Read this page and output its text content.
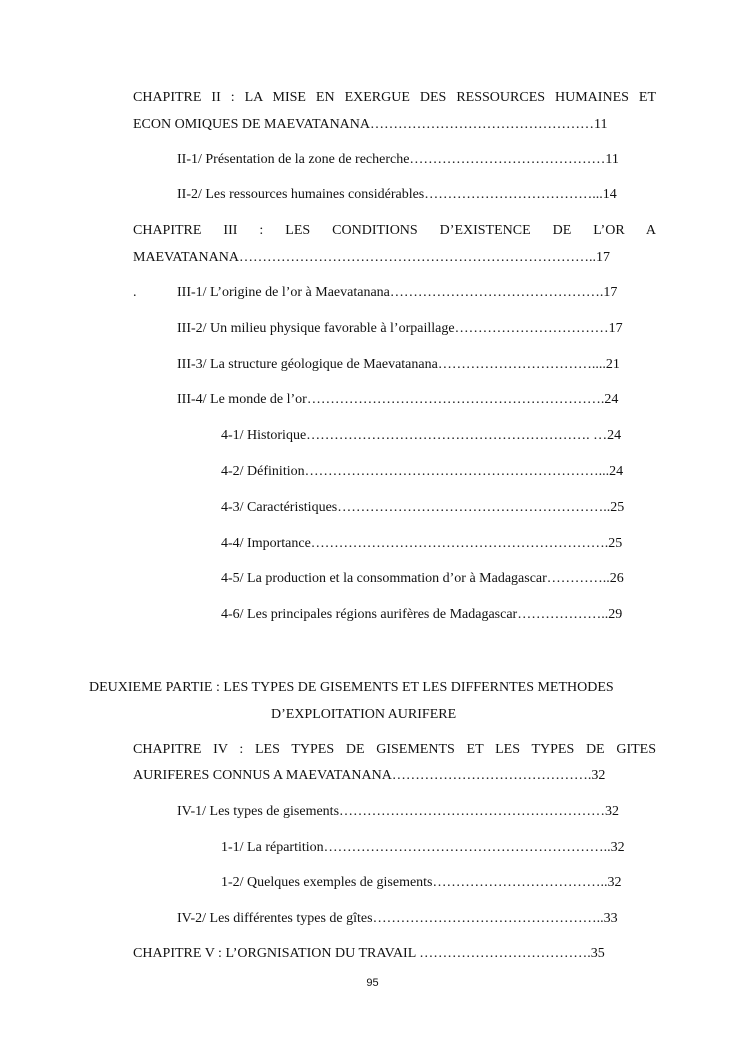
CHAPITRE II : LA MISE EN EXERGUE DES RESSOURCES HUMAINES ET

ECON OMIQUES DE MAEVATANANA…………………………………………11

II-1/ Présentation de la zone de recherche……………………………………11

II-2/ Les ressources humaines considérables………………………………...14

CHAPITRE III : LES CONDITIONS D’EXISTENCE DE L’OR A

MAEVATANANA…………………………………………………………………..17

.	III-1/ L’origine de l’or à Maevatanana……………………………………….17

III-2/ Un milieu physique favorable à l’orpaillage……………………………17

III-3/ La structure géologique de Maevatanana……………………………....21

III-4/ Le monde de l’or……………………………………………………….24

4-1/ Historique……………………………………………………. …24

4-2/ Définition………………………………………………………...24

4-3/ Caractéristiques…………………………………………………..25

4-4/ Importance……………………………………………………….25

4-5/ La production et la consommation d’or à Madagascar…………..26

4-6/ Les principales régions aurifères de Madagascar………………..29

DEUXIEME PARTIE : LES TYPES DE GISEMENTS ET LES DIFFERNTES METHODES

D’EXPLOITATION AURIFERE

CHAPITRE IV : LES TYPES DE GISEMENTS ET LES TYPES DE GITES

AURIFERES CONNUS A MAEVATANANA…………………………………….32

IV-1/ Les types de gisements…………………………………………………32

1-1/ La répartition……………………………………………………..32

1-2/ Quelques exemples de gisements………………………………..32

IV-2/ Les différentes types de gîtes…………………………………………..33

CHAPITRE V : L’ORGNISATION DU TRAVAIL ……………………………….35

95
